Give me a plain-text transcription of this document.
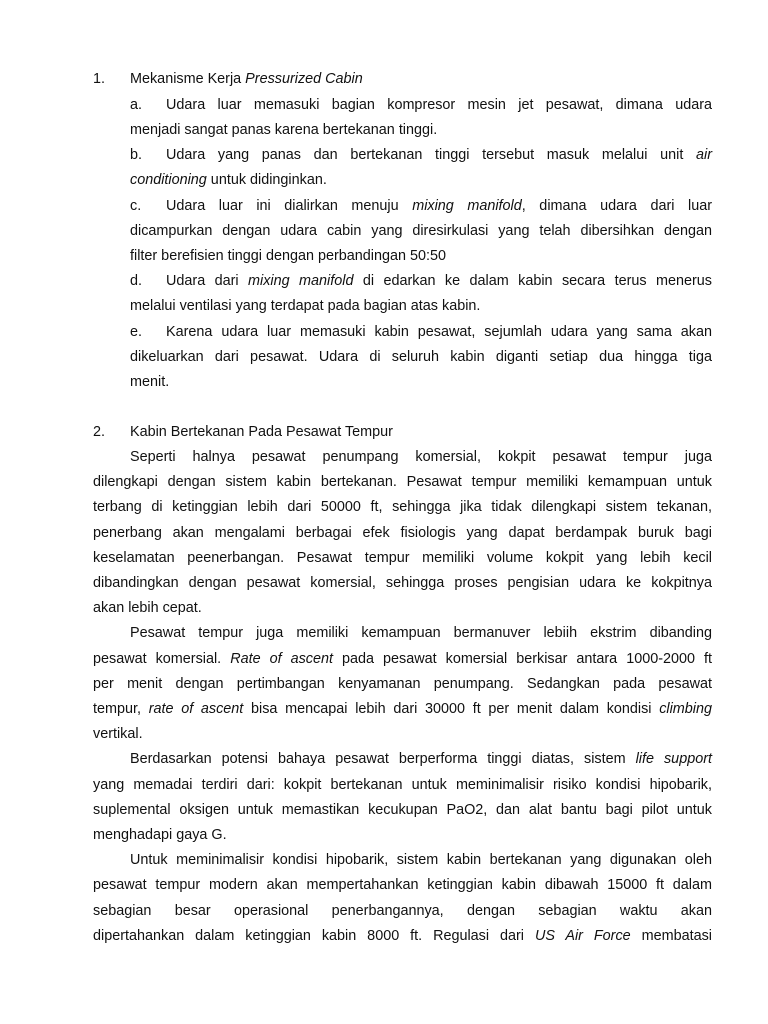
1. Mekanisme Kerja Pressurized Cabin
a. Udara luar memasuki bagian kompresor mesin jet pesawat, dimana udara
menjadi sangat panas karena bertekanan tinggi.
b. Udara yang panas dan bertekanan tinggi tersebut masuk melalui unit air
conditioning untuk didinginkan.
c. Udara luar ini dialirkan menuju mixing manifold, dimana udara dari luar
dicampurkan dengan udara cabin yang diresirkulasi yang telah dibersihkan dengan
filter berefisien tinggi dengan perbandingan 50:50
d. Udara dari mixing manifold di edarkan ke dalam kabin secara terus menerus
melalui ventilasi yang terdapat pada bagian atas kabin.
e. Karena udara luar memasuki kabin pesawat, sejumlah udara yang sama akan
dikeluarkan dari pesawat. Udara di seluruh kabin diganti setiap dua hingga tiga
menit.
2. Kabin Bertekanan Pada Pesawat Tempur
Seperti halnya pesawat penumpang komersial, kokpit pesawat tempur juga
dilengkapi dengan sistem kabin bertekanan. Pesawat tempur memiliki kemampuan untuk
terbang di ketinggian lebih dari 50000 ft, sehingga jika tidak dilengkapi sistem tekanan,
penerbang akan mengalami berbagai efek fisiologis yang dapat berdampak buruk bagi
keselamatan peenerbangan. Pesawat tempur memiliki volume kokpit yang lebih kecil
dibandingkan dengan pesawat komersial, sehingga proses pengisian udara ke kokpitnya
akan lebih cepat.
Pesawat tempur juga memiliki kemampuan bermanuver lebiih ekstrim dibanding
pesawat komersial. Rate of ascent pada pesawat komersial berkisar antara 1000-2000 ft
per menit dengan pertimbangan kenyamanan penumpang. Sedangkan pada pesawat
tempur, rate of ascent bisa mencapai lebih dari 30000 ft per menit dalam kondisi climbing
vertikal.
Berdasarkan potensi bahaya pesawat berperforma tinggi diatas, sistem life support
yang memadai terdiri dari: kokpit bertekanan untuk meminimalisir risiko kondisi hipobarik,
suplemental oksigen untuk memastikan kecukupan PaO2, dan alat bantu bagi pilot untuk
menghadapi gaya G.
Untuk meminimalisir kondisi hipobarik, sistem kabin bertekanan yang digunakan oleh
pesawat tempur modern akan mempertahankan ketinggian kabin dibawah 15000 ft dalam
sebagian besar operasional penerbangannya, dengan sebagian waktu akan
dipertahankan dalam ketinggian kabin 8000 ft. Regulasi dari US Air Force membatasi
